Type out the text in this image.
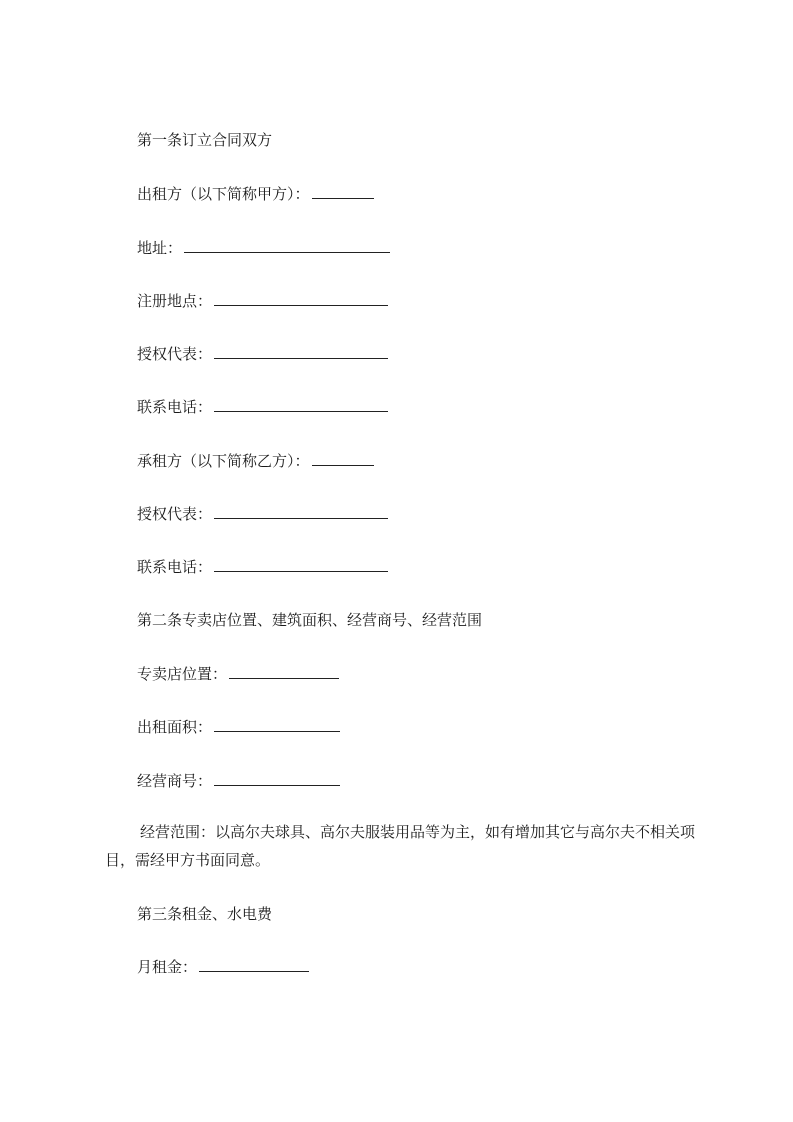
第一条订立合同双方
出租方（以下简称甲方）：
地址：
注册地点：
授权代表：
联系电话：
承租方（以下简称乙方）：
授权代表：
联系电话：
第二条专卖店位置、建筑面积、经营商号、经营范围
专卖店位置：
出租面积：
经营商号：
经营范围：以高尔夫球具、高尔夫服装用品等为主，如有增加其它与高尔夫不相关项目，需经甲方书面同意。
第三条租金、水电费
月租金：
